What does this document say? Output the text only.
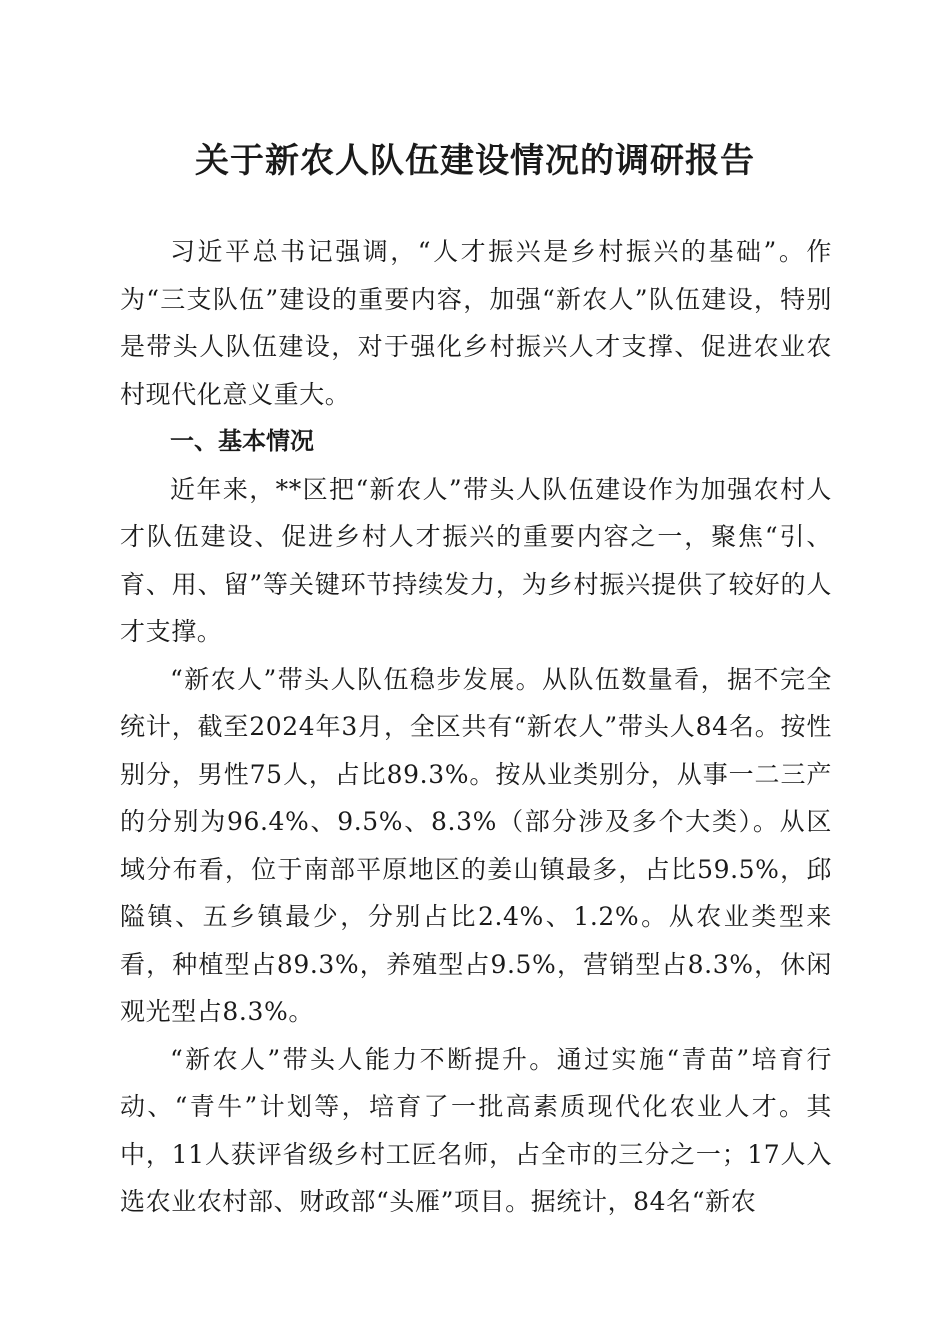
关于新农人队伍建设情况的调研报告

习近平总书记强调，“人才振兴是乡村振兴的基础”。作为“三支队伍”建设的重要内容，加强“新农人”队伍建设，特别是带头人队伍建设，对于强化乡村振兴人才支撑、促进农业农村现代化意义重大。

一、基本情况

近年来，**区把“新农人”带头人队伍建设作为加强农村人才队伍建设、促进乡村人才振兴的重要内容之一，聚焦“引、育、用、留”等关键环节持续发力，为乡村振兴提供了较好的人才支撑。

“新农人”带头人队伍稳步发展。从队伍数量看，据不完全统计，截至2024年3月，全区共有“新农人”带头人84名。按性别分，男性75人，占比89.3%。按从业类别分，从事一二三产的分别为96.4%、9.5%、8.3%（部分涉及多个大类）。从区域分布看，位于南部平原地区的姜山镇最多，占比59.5%，邱隘镇、五乡镇最少，分别占比2.4%、1.2%。从农业类型来看，种植型占89.3%，养殖型占9.5%，营销型占8.3%，休闲观光型占8.3%。

“新农人”带头人能力不断提升。通过实施“青苗”培育行动、“青牛”计划等，培育了一批高素质现代化农业人才。其中，11人获评省级乡村工匠名师，占全市的三分之一；17人入选农业农村部、财政部“头雁”项目。据统计，84名“新农
